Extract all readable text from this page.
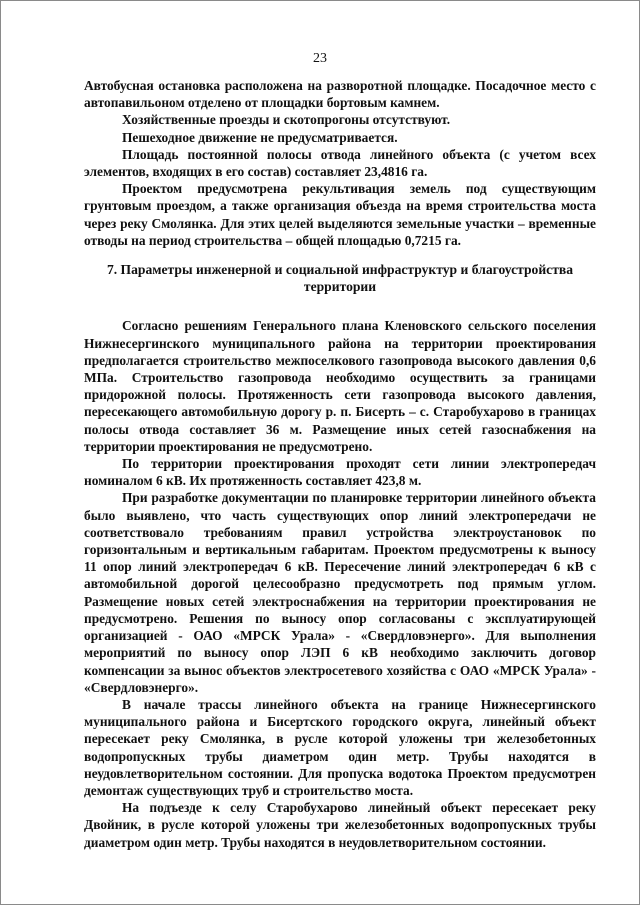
23

Автобусная остановка расположена на разворотной площадке. Посадочное место с автопавильоном отделено от площадки бортовым камнем.

Хозяйственные проезды и скотопрогоны отсутствуют.

Пешеходное движение не предусматривается.

Площадь постоянной полосы отвода линейного объекта (с учетом всех элементов, входящих в его состав) составляет 23,4816 га.

Проектом предусмотрена рекультивация земель под существующим грунтовым проездом, а также организация объезда на время строительства моста через реку Смолянка. Для этих целей выделяются земельные участки – временные отводы на период строительства – общей площадью 0,7215 га.

7. Параметры инженерной и социальной инфраструктур и благоустройства территории

Согласно решениям Генерального плана Кленовского сельского поселения Нижнесергинского муниципального района на территории проектирования предполагается строительство межпоселкового газопровода высокого давления 0,6 МПа. Строительство газопровода необходимо осуществить за границами придорожной полосы. Протяженность сети газопровода высокого давления, пересекающего автомобильную дорогу р. п. Бисерть – с. Старобухарово в границах полосы отвода составляет 36 м. Размещение иных сетей газоснабжения на территории проектирования не предусмотрено.

По территории проектирования проходят сети линии электропередач номиналом 6 кВ. Их протяженность составляет 423,8 м.

При разработке документации по планировке территории линейного объекта было выявлено, что часть существующих опор линий электропередачи не соответствовало требованиям правил устройства электроустановок по горизонтальным и вертикальным габаритам. Проектом предусмотрены к выносу 11 опор линий электропередач 6 кВ. Пересечение линий электропередач 6 кВ с автомобильной дорогой целесообразно предусмотреть под прямым углом. Размещение новых сетей электроснабжения на территории проектирования не предусмотрено. Решения по выносу опор согласованы с эксплуатирующей организацией - ОАО «МРСК Урала» - «Свердловэнерго». Для выполнения мероприятий по выносу опор ЛЭП 6 кВ необходимо заключить договор компенсации за вынос объектов электросетевого хозяйства с ОАО «МРСК Урала» - «Свердловэнерго».

В начале трассы линейного объекта на границе Нижнесергинского муниципального района и Бисертского городского округа, линейный объект пересекает реку Смолянка, в русле которой уложены три железобетонных водопропускных трубы диаметром один метр. Трубы находятся в неудовлетворительном состоянии. Для пропуска водотока Проектом предусмотрен демонтаж существующих труб и строительство моста.

На подъезде к селу Старобухарово линейный объект пересекает реку Двойник, в русле которой уложены три железобетонных водопропускных трубы диаметром один метр. Трубы находятся в неудовлетворительном состоянии.
